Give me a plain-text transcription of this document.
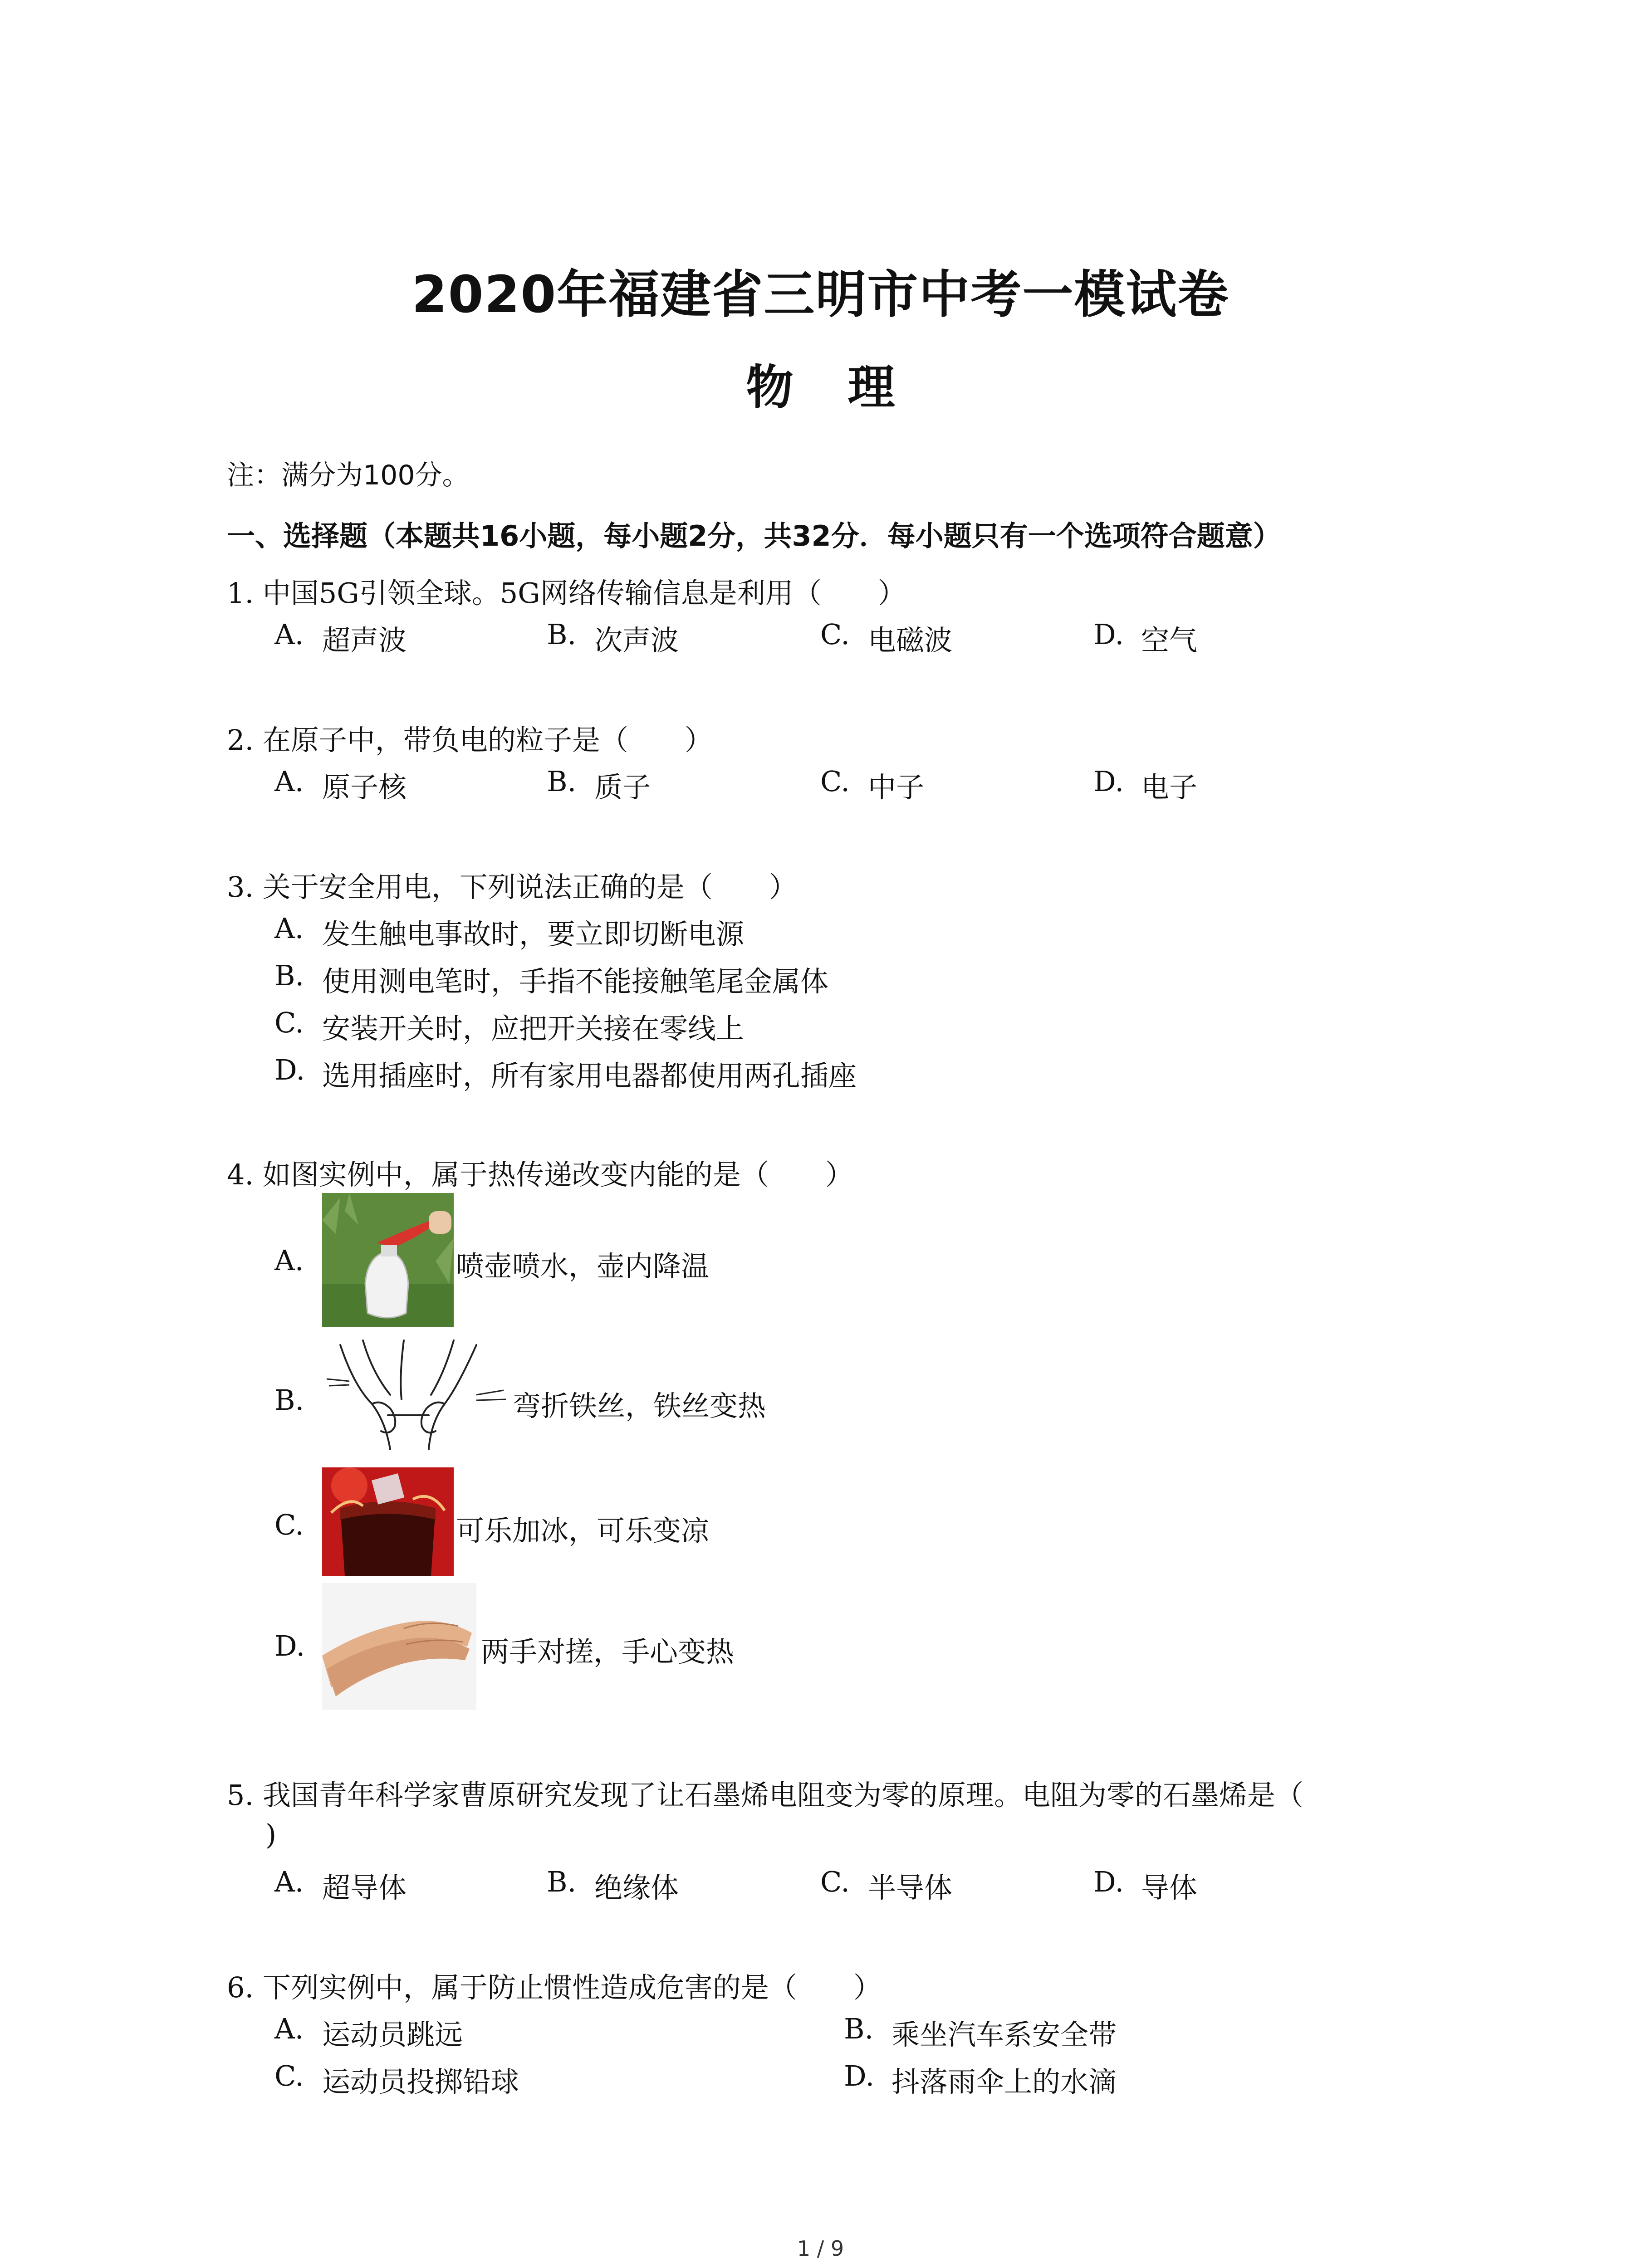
2020年福建省三明市中考一模试卷
物理
注：满分为100分。
一、选择题（本题共16小题，每小题2分，共32分．每小题只有一个选项符合题意）
1. 中国5G引领全球。5G网络传输信息是利用（　　）
A. 超声波	B. 次声波	C. 电磁波	D. 空气
2. 在原子中，带负电的粒子是（　　）
A. 原子核	B. 质子	C. 中子	D. 电子
3. 关于安全用电，下列说法正确的是（　　）
A. 发生触电事故时，要立即切断电源
B. 使用测电笔时，手指不能接触笔尾金属体
C. 安装开关时，应把开关接在零线上
D. 选用插座时，所有家用电器都使用两孔插座
4. 如图实例中，属于热传递改变内能的是（　　）
A.	喷壶喷水，壶内降温
B.	弯折铁丝，铁丝变热
C.	可乐加冰，可乐变凉
D.	两手对搓，手心变热
5. 我国青年科学家曹原研究发现了让石墨烯电阻变为零的原理。电阻为零的石墨烯是（
)
A. 超导体	B. 绝缘体	C. 半导体	D. 导体
6. 下列实例中，属于防止惯性造成危害的是（　　）
A. 运动员跳远	B. 乘坐汽车系安全带
C. 运动员投掷铅球	D. 抖落雨伞上的水滴
1 / 9
